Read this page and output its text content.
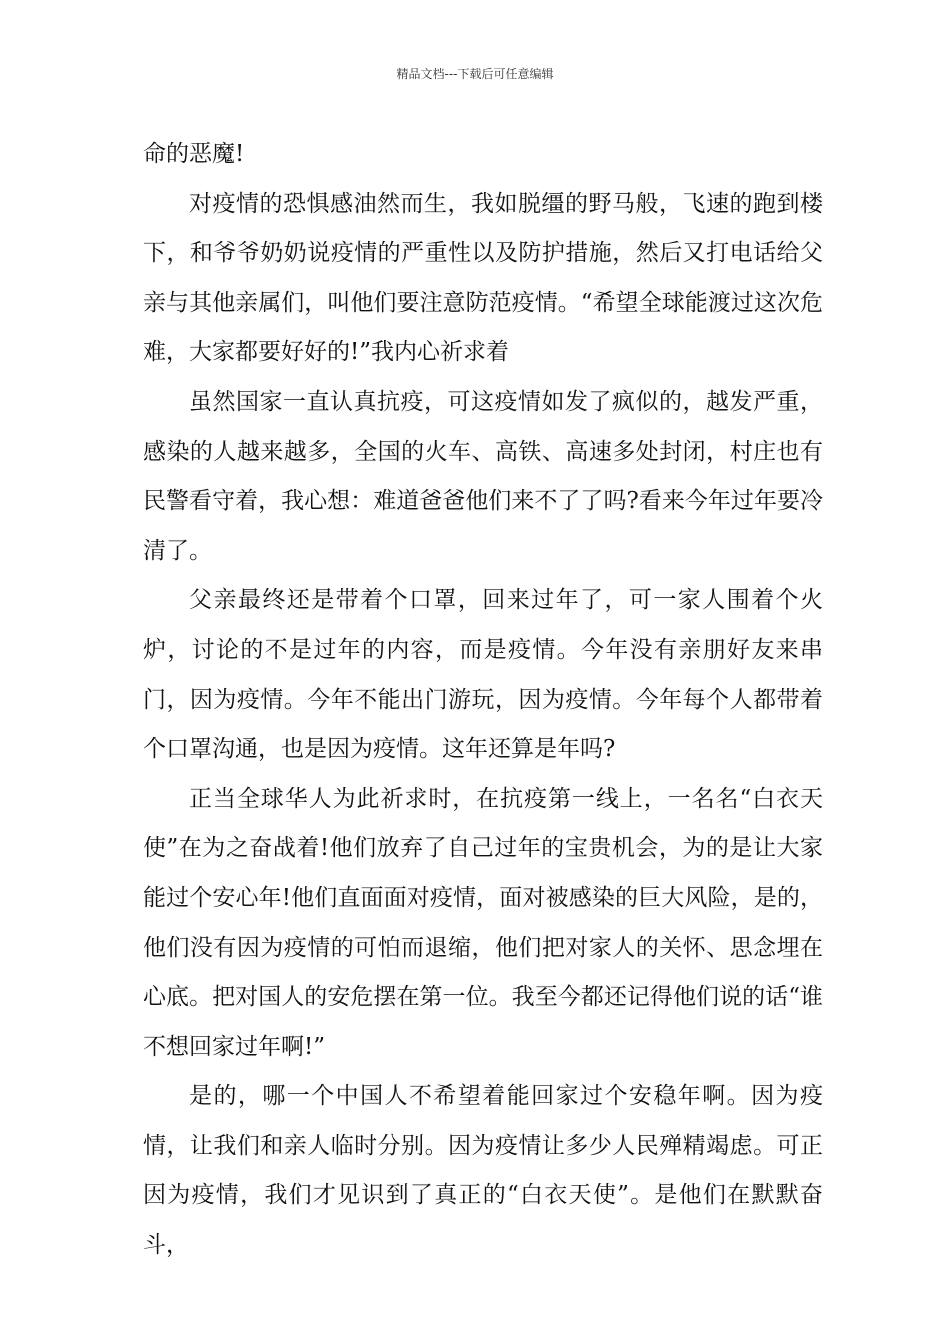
精品文档---下载后可任意编辑

命的恶魔!

对疫情的恐惧感油然而生，我如脱缰的野马般，飞速的跑到楼下，和爷爷奶奶说疫情的严重性以及防护措施，然后又打电话给父亲与其他亲属们，叫他们要注意防范疫情。“希望全球能渡过这次危难，大家都要好好的!”我内心祈求着

虽然国家一直认真抗疫，可这疫情如发了疯似的，越发严重，感染的人越来越多，全国的火车、高铁、高速多处封闭，村庄也有民警看守着，我心想：难道爸爸他们来不了了吗?看来今年过年要冷清了。

父亲最终还是带着个口罩，回来过年了，可一家人围着个火炉，讨论的不是过年的内容，而是疫情。今年没有亲朋好友来串门，因为疫情。今年不能出门游玩，因为疫情。今年每个人都带着个口罩沟通，也是因为疫情。这年还算是年吗?

正当全球华人为此祈求时，在抗疫第一线上，一名名“白衣天使”在为之奋战着!他们放弃了自己过年的宝贵机会，为的是让大家能过个安心年!他们直面面对疫情，面对被感染的巨大风险，是的，他们没有因为疫情的可怕而退缩，他们把对家人的关怀、思念埋在心底。把对国人的安危摆在第一位。我至今都还记得他们说的话“谁不想回家过年啊!”

是的，哪一个中国人不希望着能回家过个安稳年啊。因为疫情，让我们和亲人临时分别。因为疫情让多少人民殚精竭虑。可正因为疫情，我们才见识到了真正的“白衣天使”。是他们在默默奋斗，
